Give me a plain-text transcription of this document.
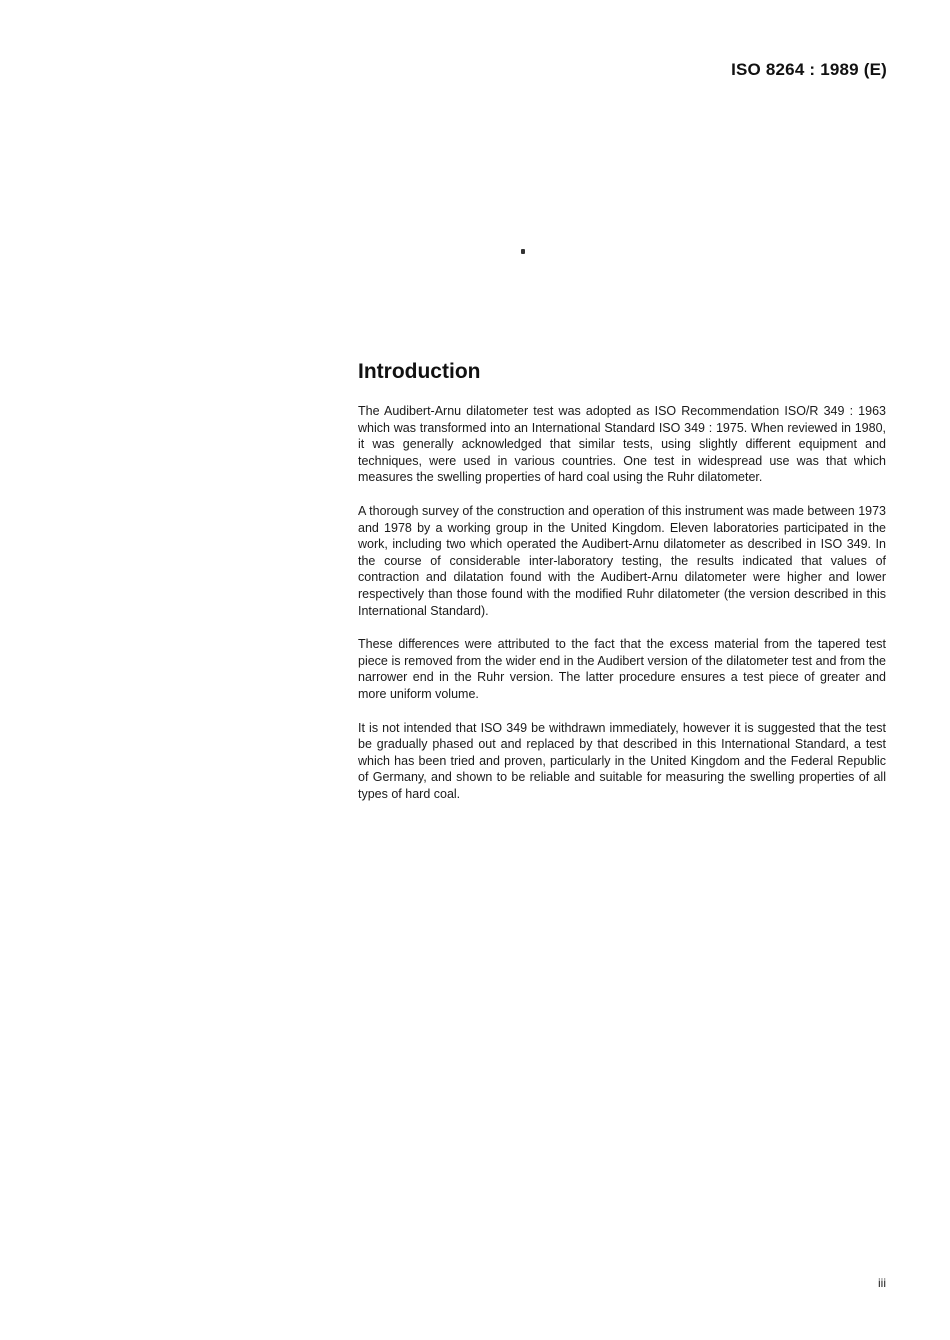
ISO 8264 : 1989 (E)
Introduction

The Audibert-Arnu dilatometer test was adopted as ISO Recommendation ISO/R 349 : 1963 which was transformed into an International Standard ISO 349 : 1975. When reviewed in 1980, it was generally acknowledged that similar tests, using slightly different equipment and techniques, were used in various countries. One test in widespread use was that which measures the swelling properties of hard coal using the Ruhr dilatometer.

A thorough survey of the construction and operation of this instrument was made between 1973 and 1978 by a working group in the United Kingdom. Eleven laboratories participated in the work, including two which operated the Audibert-Arnu dilatometer as described in ISO 349. In the course of considerable inter-laboratory testing, the results indicated that values of contraction and dilatation found with the Audibert-Arnu dilatometer were higher and lower respectively than those found with the modified Ruhr dilatometer (the version described in this International Standard).

These differences were attributed to the fact that the excess material from the tapered test piece is removed from the wider end in the Audibert version of the dilatometer test and from the narrower end in the Ruhr version. The latter procedure ensures a test piece of greater and more uniform volume.

It is not intended that ISO 349 be withdrawn immediately, however it is suggested that the test be gradually phased out and replaced by that described in this International Standard, a test which has been tried and proven, particularly in the United Kingdom and the Federal Republic of Germany, and shown to be reliable and suitable for measuring the swelling properties of all types of hard coal.

iii
